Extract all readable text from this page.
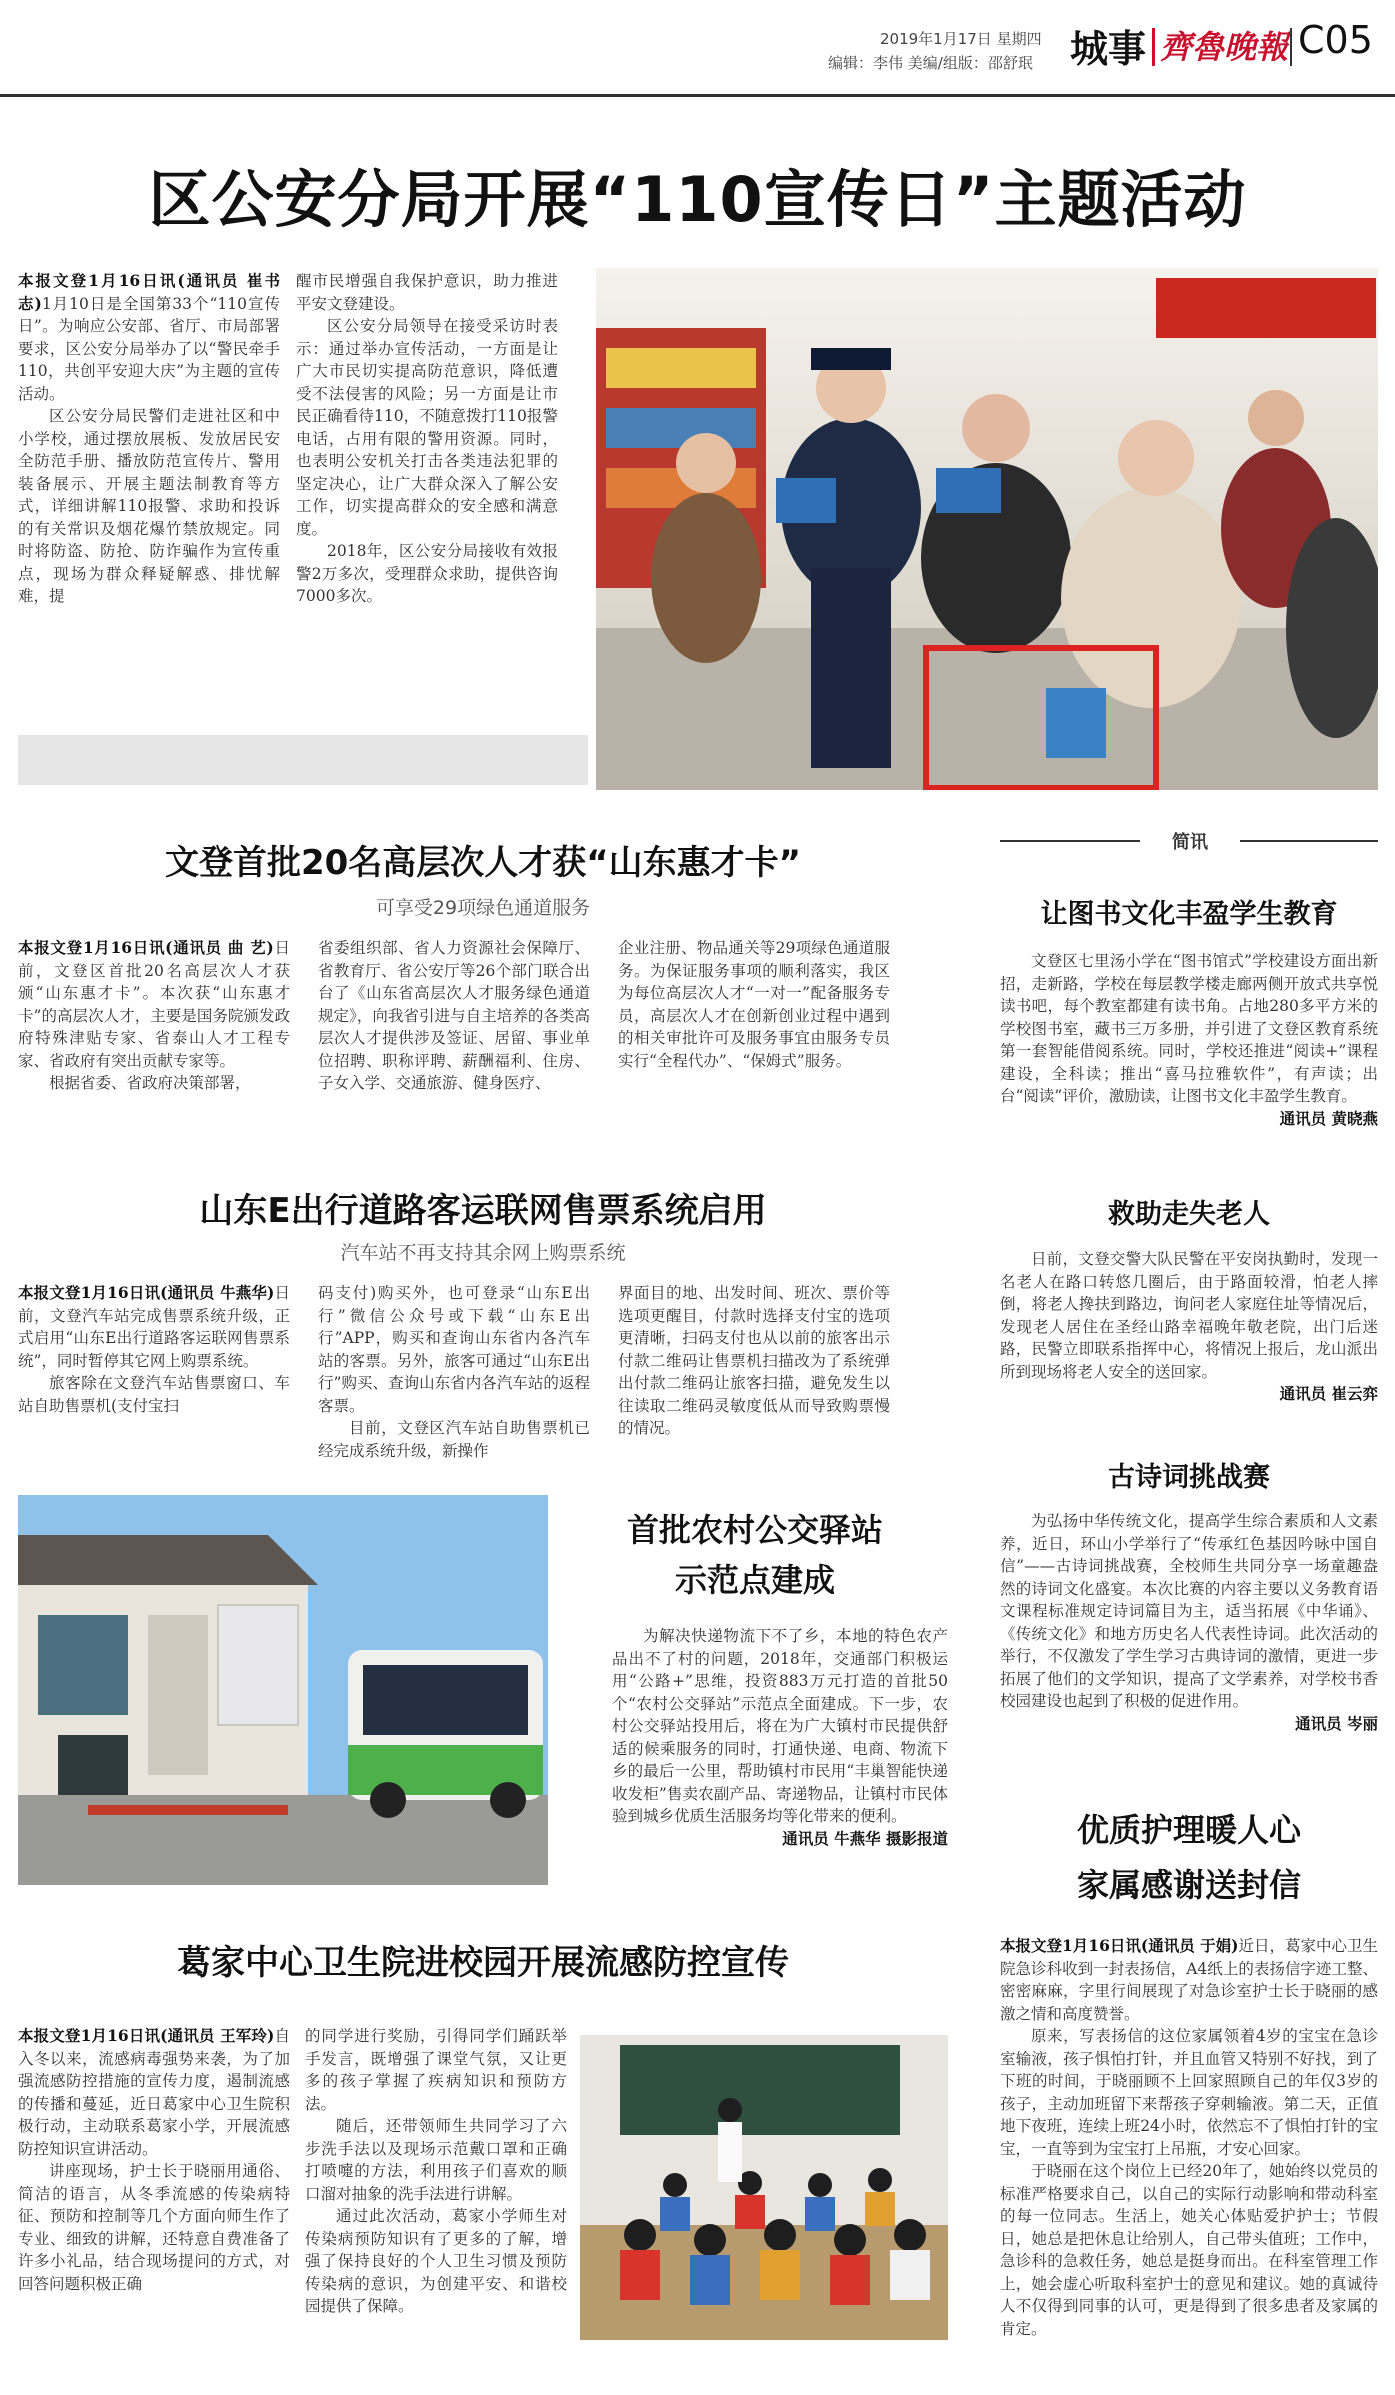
2019年1月17日 星期四
编辑：李伟 美编/组版：邵舒珉 城事 齊魯晚報 C05
区公安分局开展“110宣传日”主题活动

本报文登1月16日讯(通讯员 崔书志)1月10日是全国第33个“110宣传日”。为响应公安部、省厅、市局部署要求，区公安分局举办了以“警民牵手110，共创平安迎大庆”为主题的宣传活动。

区公安分局民警们走进社区和中小学校，通过摆放展板、发放居民安全防范手册、播放防范宣传片、警用装备展示、开展主题法制教育等方式，详细讲解110报警、求助和投诉的有关常识及烟花爆竹禁放规定。同时将防盗、防抢、防诈骗作为宣传重点，现场为群众释疑解惑、排忧解难，提

醒市民增强自我保护意识，助力推进平安文登建设。

区公安分局领导在接受采访时表示：通过举办宣传活动，一方面是让广大市民切实提高防范意识，降低遭受不法侵害的风险；另一方面是让市民正确看待110，不随意拨打110报警电话，占用有限的警用资源。同时，也表明公安机关打击各类违法犯罪的坚定决心，让广大群众深入了解公安工作，切实提高群众的安全感和满意度。

2018年，区公安分局接收有效报警2万多次，受理群众求助，提供咨询7000多次。

文登首批20名高层次人才获“山东惠才卡”
可享受29项绿色通道服务

本报文登1月16日讯(通讯员 曲 艺)日前，文登区首批20名高层次人才获颁“山东惠才卡”。本次获“山东惠才卡”的高层次人才，主要是国务院颁发政府特殊津贴专家、省泰山人才工程专家、省政府有突出贡献专家等。

根据省委、省政府决策部署，

省委组织部、省人力资源社会保障厅、省教育厅、省公安厅等26个部门联合出台了《山东省高层次人才服务绿色通道规定》，向我省引进与自主培养的各类高层次人才提供涉及签证、居留、事业单位招聘、职称评聘、薪酬福利、住房、子女入学、交通旅游、健身医疗、

企业注册、物品通关等29项绿色通道服务。为保证服务事项的顺利落实，我区为每位高层次人才“一对一”配备服务专员，高层次人才在创新创业过程中遇到的相关审批许可及服务事宜由服务专员实行“全程代办”、“保姆式”服务。

山东E出行道路客运联网售票系统启用
汽车站不再支持其余网上购票系统

本报文登1月16日讯(通讯员 牛燕华)日前，文登汽车站完成售票系统升级，正式启用“山东E出行道路客运联网售票系统”，同时暂停其它网上购票系统。

旅客除在文登汽车站售票窗口、车站自助售票机(支付宝扫

码支付)购买外，也可登录“山东E出行”微信公众号或下载“山东E出行”APP，购买和查询山东省内各汽车站的客票。另外，旅客可通过“山东E出行”购买、查询山东省内各汽车站的返程客票。

目前，文登区汽车站自助售票机已经完成系统升级，新操作

界面目的地、出发时间、班次、票价等选项更醒目，付款时选择支付宝的选项更清晰，扫码支付也从以前的旅客出示付款二维码让售票机扫描改为了系统弹出付款二维码让旅客扫描，避免发生以往读取二维码灵敏度低从而导致购票慢的情况。

首批农村公交驿站
示范点建成

为解决快递物流下不了乡，本地的特色农产品出不了村的问题，2018年，交通部门积极运用“公路+”思维，投资883万元打造的首批50个“农村公交驿站”示范点全面建成。下一步，农村公交驿站投用后，将在为广大镇村市民提供舒适的候乘服务的同时，打通快递、电商、物流下乡的最后一公里，帮助镇村市民用“丰巢智能快递收发柜”售卖农副产品、寄递物品，让镇村市民体验到城乡优质生活服务均等化带来的便利。

通讯员 牛燕华 摄影报道

葛家中心卫生院进校园开展流感防控宣传

本报文登1月16日讯(通讯员 王军玲)自入冬以来，流感病毒强势来袭，为了加强流感防控措施的宣传力度，遏制流感的传播和蔓延，近日葛家中心卫生院积极行动，主动联系葛家小学，开展流感防控知识宣讲活动。

讲座现场，护士长于晓丽用通俗、简洁的语言，从冬季流感的传染病特征、预防和控制等几个方面向师生作了专业、细致的讲解，还特意自费准备了许多小礼品，结合现场提问的方式，对回答问题积极正确

的同学进行奖励，引得同学们踊跃举手发言，既增强了课堂气氛，又让更多的孩子掌握了疾病知识和预防方法。

随后，还带领师生共同学习了六步洗手法以及现场示范戴口罩和正确打喷嚏的方法，利用孩子们喜欢的顺口溜对抽象的洗手法进行讲解。

通过此次活动，葛家小学师生对传染病预防知识有了更多的了解，增强了保持良好的个人卫生习惯及预防传染病的意识，为创建平安、和谐校园提供了保障。

简讯
让图书文化丰盈学生教育

文登区七里汤小学在“图书馆式”学校建设方面出新招，走新路，学校在每层教学楼走廊两侧开放式共享悦读书吧，每个教室都建有读书角。占地280多平方米的学校图书室，藏书三万多册，并引进了文登区教育系统第一套智能借阅系统。同时，学校还推进“阅读+”课程建设，全科读；推出“喜马拉雅软件”，有声读；出台“阅读”评价，激励读，让图书文化丰盈学生教育。

通讯员 黄晓燕

救助走失老人

日前，文登交警大队民警在平安岗执勤时，发现一名老人在路口转悠几圈后，由于路面较滑，怕老人摔倒，将老人搀扶到路边，询问老人家庭住址等情况后，发现老人居住在圣经山路幸福晚年敬老院，出门后迷路，民警立即联系指挥中心，将情况上报后，龙山派出所到现场将老人安全的送回家。

通讯员 崔云弈

古诗词挑战赛

为弘扬中华传统文化，提高学生综合素质和人文素养，近日，环山小学举行了“传承红色基因吟咏中国自信”——古诗词挑战赛，全校师生共同分享一场童趣盎然的诗词文化盛宴。本次比赛的内容主要以义务教育语文课程标准规定诗词篇目为主，适当拓展《中华诵》、《传统文化》和地方历史名人代表性诗词。此次活动的举行，不仅激发了学生学习古典诗词的激情，更进一步拓展了他们的文学知识，提高了文学素养，对学校书香校园建设也起到了积极的促进作用。

通讯员 岑丽

优质护理暖人心
家属感谢送封信

本报文登1月16日讯(通讯员 于娟)近日，葛家中心卫生院急诊科收到一封表扬信，A4纸上的表扬信字迹工整、密密麻麻，字里行间展现了对急诊室护士长于晓丽的感激之情和高度赞誉。

原来，写表扬信的这位家属领着4岁的宝宝在急诊室输液，孩子惧怕打针，并且血管又特别不好找，到了下班的时间，于晓丽顾不上回家照顾自己的年仅3岁的孩子，主动加班留下来帮孩子穿刺输液。第二天，正值地下夜班，连续上班24小时，依然忘不了惧怕打针的宝宝，一直等到为宝宝打上吊瓶，才安心回家。

于晓丽在这个岗位上已经20年了，她始终以党员的标准严格要求自己，以自己的实际行动影响和带动科室的每一位同志。生活上，她关心体贴爱护护士；节假日，她总是把休息让给别人，自己带头值班；工作中，急诊科的急救任务，她总是挺身而出。在科室管理工作上，她会虚心听取科室护士的意见和建议。她的真诚待人不仅得到同事的认可，更是得到了很多患者及家属的肯定。
